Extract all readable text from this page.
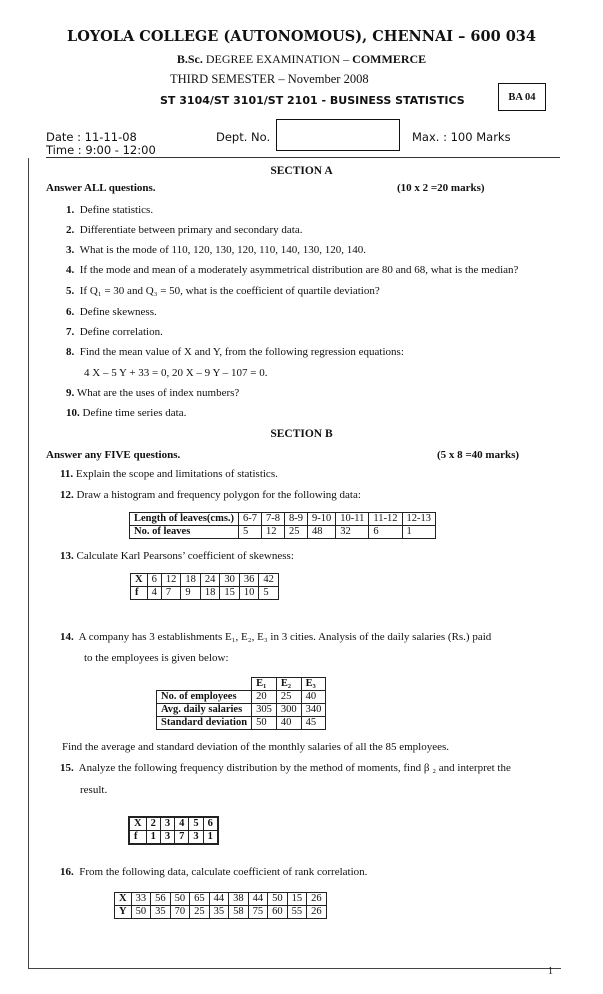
LOYOLA COLLEGE (AUTONOMOUS), CHENNAI – 600 034
B.Sc. DEGREE EXAMINATION – COMMERCE
THIRD SEMESTER – November 2008
ST 3104/ST 3101/ST 2101 - BUSINESS STATISTICS	BA 04
Date : 11-11-08
Time : 9:00 - 12:00
Dept. No.	Max. : 100 Marks
SECTION A
Answer ALL questions.	(10 x 2 =20 marks)
1. Define statistics.
2. Differentiate between primary and secondary data.
3. What is the mode of 110, 120, 130, 120, 110, 140, 130, 120, 140.
4. If the mode and mean of a moderately asymmetrical distribution are 80 and 68, what is the median?
5. If Q₁ = 30 and Q₃ = 50, what is the coefficient of quartile deviation?
6. Define skewness.
7. Define correlation.
8. Find the mean value of X and Y, from the following regression equations:
4 X – 5 Y + 33 = 0, 20 X – 9 Y – 107 = 0.
9. What are the uses of index numbers?
10. Define time series data.
SECTION B
Answer any FIVE questions.	(5 x 8 =40 marks)
11. Explain the scope and limitations of statistics.
12. Draw a histogram and frequency polygon for the following data:
Length of leaves(cms.)	6-7	7-8	8-9	9-10	10-11	11-12	12-13
No. of leaves	5	12	25	48	32	6	1
13. Calculate Karl Pearsons’ coefficient of skewness:
X	6	12	18	24	30	36	42
f	4	7	9	18	15	10	5
14. A company has 3 establishments E₁, E₂, E₃ in 3 cities. Analysis of the daily salaries (Rs.) paid
to the employees is given below:
	E₁	E₂	E₃
No. of employees	20	25	40
Avg. daily salaries	305	300	340
Standard deviation	50	40	45
Find the average and standard deviation of the monthly salaries of all the 85 employees.
15. Analyze the following frequency distribution by the method of moments, find β ₂ and interpret the
result.
X	2	3	4	5	6
f	1	3	7	3	1
16. From the following data, calculate coefficient of rank correlation.
X	33	56	50	65	44	38	44	50	15	26
Y	50	35	70	25	35	58	75	60	55	26
1
